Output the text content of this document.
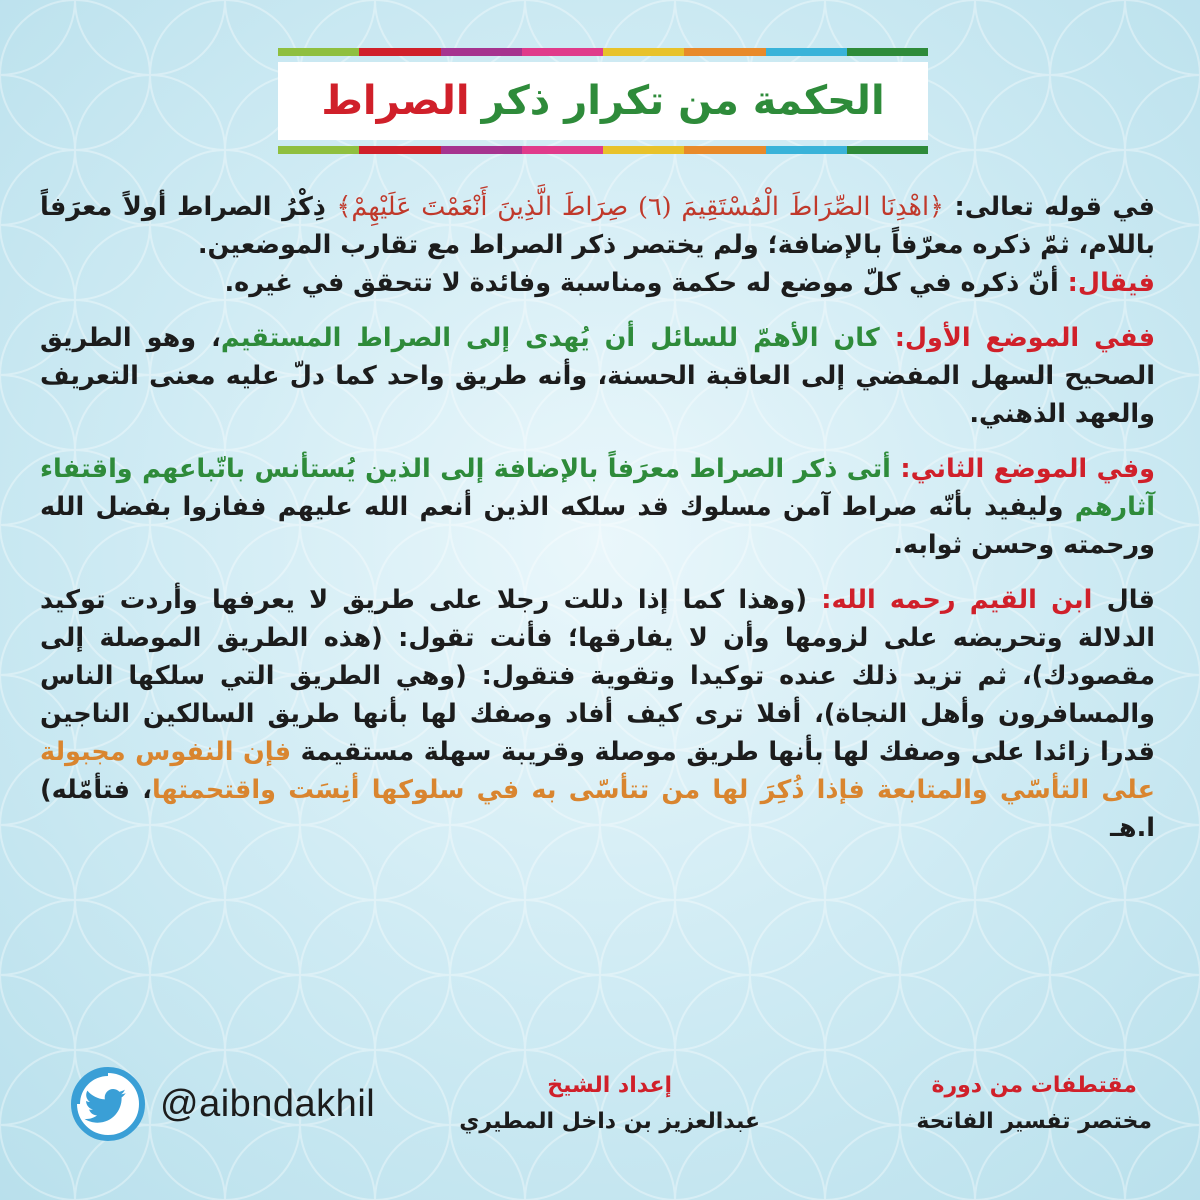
الحكمة من تكرار ذكر
الصراط

في قوله تعالى: ﴿اهْدِنَا الصِّرَاطَ الْمُسْتَقِيمَ (٦) صِرَاطَ الَّذِينَ أَنْعَمْتَ عَلَيْهِمْ﴾ ذِكْرُ الصراط أولاً معرَفاً باللام، ثمّ ذكره معرّفاً بالإضافة؛ ولم يختصر ذكر الصراط مع تقارب الموضعين.
فيقال: أنّ ذكره في كلّ موضع له حكمة ومناسبة وفائدة لا تتحقق في غيره.

ففي الموضع الأول: كان الأهمّ للسائل أن يُهدى إلى الصراط المستقيم، وهو الطريق الصحيح السهل المفضي إلى العاقبة الحسنة، وأنه طريق واحد كما دلّ عليه معنى التعريف والعهد الذهني.

وفي الموضع الثاني: أتى ذكر الصراط معرَفاً بالإضافة إلى الذين يُستأنس باتّباعهم واقتفاء آثارهم وليفيد بأنّه صراط آمن مسلوك قد سلكه الذين أنعم الله عليهم ففازوا بفضل الله ورحمته وحسن ثوابه.

قال ابن القيم رحمه الله: (وهذا كما إذا دللت رجلا على طريق لا يعرفها وأردت توكيد الدلالة وتحريضه على لزومها وأن لا يفارقها؛ فأنت تقول: (هذه الطريق الموصلة إلى مقصودك)، ثم تزيد ذلك عنده توكيدا وتقوية فتقول: (وهي الطريق التي سلكها الناس والمسافرون وأهل النجاة)، أفلا ترى كيف أفاد وصفك لها بأنها طريق السالكين الناجين قدرا زائدا على وصفك لها بأنها طريق موصلة وقريبة سهلة مستقيمة فإن النفوس مجبولة على التأسّي والمتابعة فإذا ذُكِرَ لها من تتأسّى به في سلوكها أنِسَت واقتحمتها، فتأمّله) ا.هـ

مقتطفات من دورة
مختصر تفسير الفاتحة
إعداد الشيخ
عبدالعزيز بن داخل المطيري
@aibndakhil
